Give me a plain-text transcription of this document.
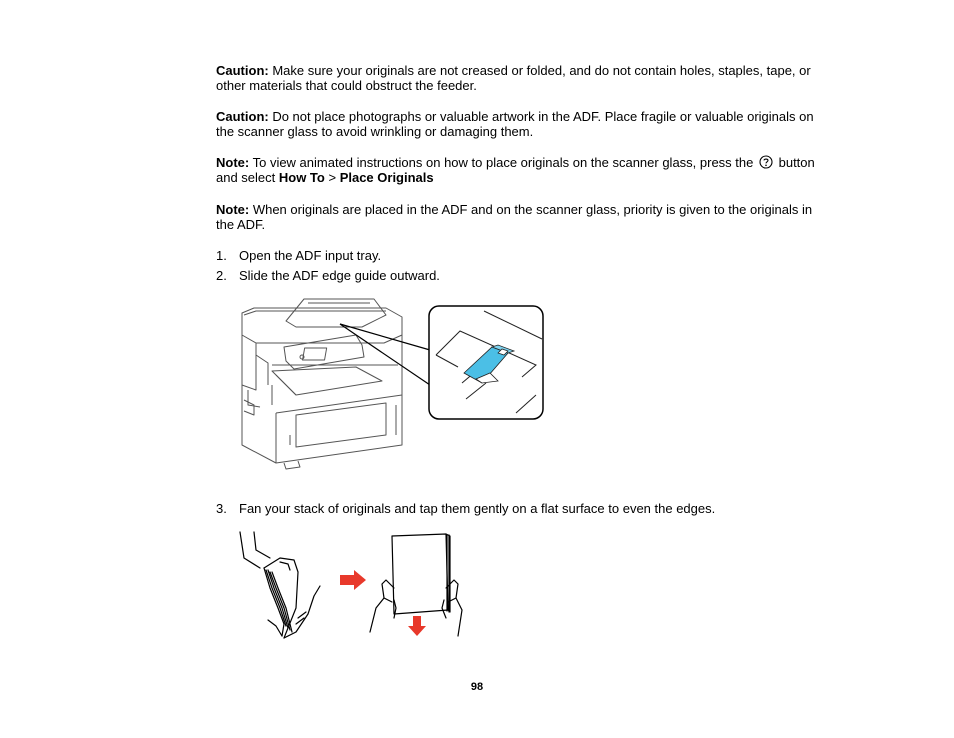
Caution: Make sure your originals are not creased or folded, and do not contain holes, staples, tape, or other materials that could obstruct the feeder.
Caution: Do not place photographs or valuable artwork in the ADF. Place fragile or valuable originals on the scanner glass to avoid wrinkling or damaging them.
Note: To view animated instructions on how to place originals on the scanner glass, press the  button and select How To > Place Originals
Note: When originals are placed in the ADF and on the scanner glass, priority is given to the originals in the ADF.
1. Open the ADF input tray.
2. Slide the ADF edge guide outward.
3. Fan your stack of originals and tap them gently on a flat surface to even the edges.
98
